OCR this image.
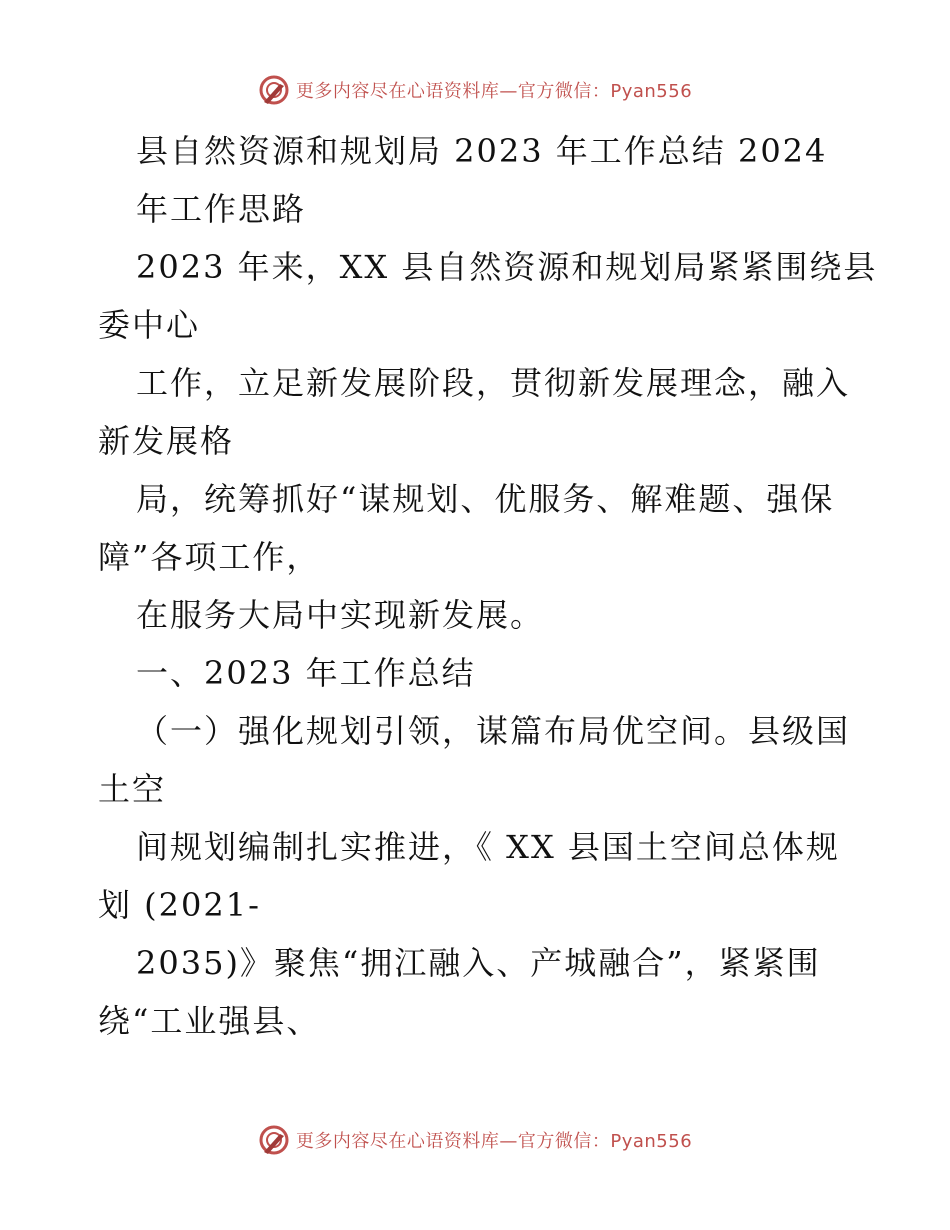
更多内容尽在心语资料库—官方微信：Pyan556
县自然资源和规划局 2023 年工作总结 2024
年工作思路
2023 年来，XX 县自然资源和规划局紧紧围绕县
委中心
工作，立足新发展阶段，贯彻新发展理念，融入
新发展格
局，统筹抓好“谋规划、优服务、解难题、强保
障”各项工作，
在服务大局中实现新发展。
一、2023 年工作总结
（一）强化规划引领，谋篇布局优空间。县级国
土空
间规划编制扎实推进，《 XX 县国土空间总体规
划 (2021-
2035)》聚焦“拥江融入、产城融合”，紧紧围
绕“工业强县、
更多内容尽在心语资料库—官方微信：Pyan556
